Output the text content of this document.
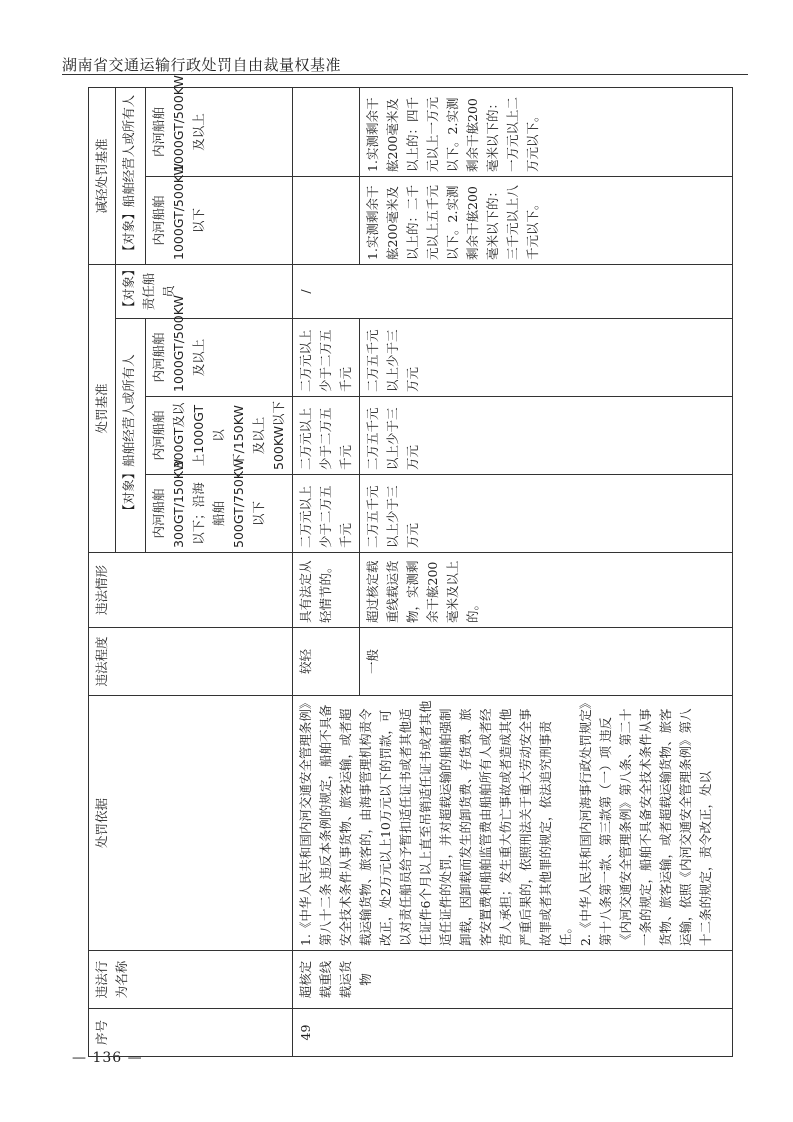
湖南省交通运输行政处罚自由裁量权基准
— 136 —
序号	违法行为名称	处罚依据	违法程度	违法情形	处罚基准				减轻处罚基准	
					【对象】船舶经营人或所有人			【对象】责任船员	【对象】船舶经营人或所有人	
					内河船舶300GT/150KW以下；沿海船舶500GT/750KW以下	内河船舶300GT及以上1000GT以下/150KW及以上500KW以下	内河船舶1000GT/500KW及以上		内河船舶1000GT/500KW以下	内河船舶1000GT/500KW及以上
49	超核定载重线载运货物	1.《中华人民共和国内河交通安全管理条例》第八十二条 违反本条例的规定，船舶不具备安全技术条件从事货物、旅客运输，或者超载运输货物、旅客的，由海事管理机构责令改正，处2万元以上10万元以下的罚款，可以对责任船员给予暂扣适任证书或者其他适任证件6个月以上直至吊销适任证书或者其他适任证件的处罚，并对超载运输的船舶强制卸载，因卸载而发生的卸货费、存货费、旅客安置费和船舶监管费由船舶所有人或者经营人承担；发生重大伤亡事故或者造成其他严重后果的，依照刑法关于重大劳动安全事故罪或者其他罪的规定，依法追究刑事责任。 2.《中华人民共和国内河海事行政处罚规定》第十八条第一款、第三款第（一）项 违反《内河交通安全管理条例》第八条、第二十一条的规定，船舶不具备安全技术条件从事货物、旅客运输，或者超载运输货物、旅客运输，依照《内河交通安全管理条例》第八十二条的规定，责令改正，处以	较轻	具有法定从轻情节的。	二万元以上少于二万五千元	二万元以上少于二万五千元	二万元以上少于二万五千元	/		
			一般	超过核定载重线载运货物，实测剩余干舷200毫米及以上的。	二万五千元以上少于三万元	二万五千元以上少于三万元	二万五千元以上少于三万元		1.实测剩余干舷200毫米及以上的：二千元以上五千元以下。2.实测剩余干舷200毫米以下的：三千元以上八千元以下。	1.实测剩余干舷200毫米及以上的：四千元以上一万元以下。2.实测剩余干舷200毫米以下的：一万元以上二万元以下。
